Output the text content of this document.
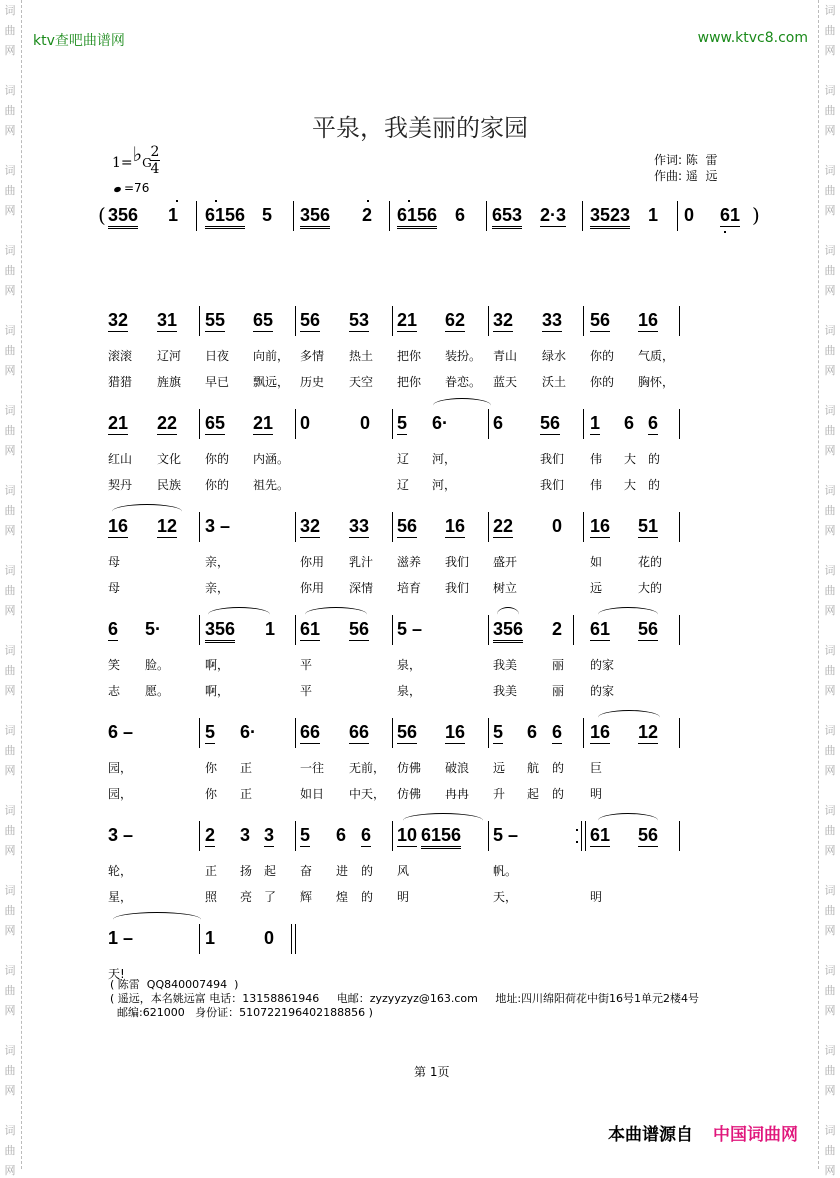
词
曲
网
词
曲
网
词
曲
网
词
曲
网
词
曲
网
词
曲
网
词
曲
网
词
曲
网
词
曲
网
词
曲
网
词
曲
网
词
曲
网
词
曲
网
词
曲
网
词
曲
网
词
曲
网
词
曲
网
词
曲
网
词
曲
网
词
曲
网
词
曲
网
词
曲
网
词
曲
网
词
曲
网
词
曲
网
词
曲
网
词
曲
网
词
曲
网
词
曲
网
词
曲
网
ktv查吧曲谱网	www.ktvc8.com
平泉，我美丽的家园
1=♭G
2
4
=76
作词: 陈  雷
作曲: 遥  远
( 356 1 6156 5 356 2 6156 6 653 2·3 3523 1 0 61 )
32 31 55 65 56 53 21 62 32 33 56 16
滚滚 辽河 日夜 向前， 多情 热土 把你 装扮。 青山 绿水 你的 气质，
猎猎 旌旗 早已 飘远， 历史 天空 把你 眷恋。 蓝天 沃土 你的 胸怀，
21 22 65 21 0	0 5 6· 6 56 1 6 6
红山 文化 你的 内涵。	辽 河，	我们 伟 大 的
契丹 民族 你的 祖先。	辽 河，	我们 伟 大 的
16 12 3 –	32 33 56 16 22 0 16 51
母	亲，	你用 乳汁 滋养 我们 盛开	如	花的
母	亲，	你用 深情 培育 我们 树立	远	大的
6 5· 356 1 61 56 5 –	356 2 61 56
笑 脸。	啊，	平	泉，	我美	丽 的家
志 愿。	啊，	平	泉，	我美	丽 的家
6 –	5 6· 66 66 56 16 5 6 6 16 12
园，	你 正	一往 无前， 仿佛 破浪 远 航 的 巨
园，	你 正	如日 中天， 仿佛 冉冉 升 起 的 明
3 –	2 3 3 5 6 6 10 6156 5 –	61 56
轮，	正 扬 起 奋 进 的 风	帆。
星，	照 亮 了 辉 煌 的 明	天，	明
1 –	1	0
天!
( 陈雷  QQ840007494  )
( 遥远，本名姚远富 电话：13158861946     电邮：zyzyyzyz@163.com     地址:四川绵阳荷花中街16号1单元2楼4号
邮编:621000   身份证：510722196402188856 )
第 1页
本曲谱源自 中国词曲网
